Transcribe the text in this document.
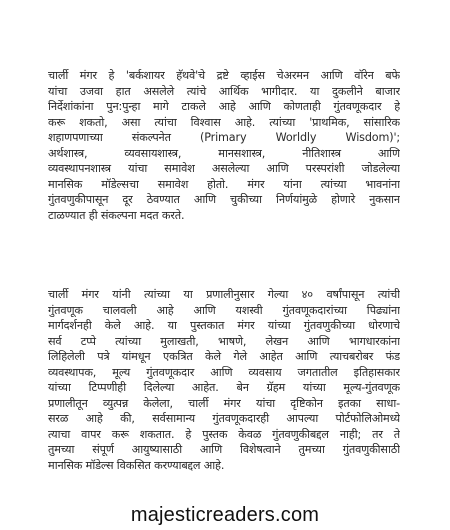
चार्ली मंगर हे 'बर्कशायर हॅथवे'चे द्रष्टे व्हाईस चेअरमन आणि वॉरेन बफे
यांचा उजवा हात असलेले त्यांचे आर्थिक भागीदार. या दुकलीने बाजार
निर्देशांकांना पुन:पुन्हा मागे टाकले आहे आणि कोणताही गुंतवणूकदार हे
करू शकतो, असा त्यांचा विश्वास आहे. त्यांच्या 'प्राथमिक, सांसारिक
शहाणपणाच्या संकल्पनेत (Primary Worldly Wisdom)';
अर्थशास्त्र, व्यवसायशास्त्र, मानसशास्त्र, नीतिशास्त्र आणि
व्यवस्थापनशास्त्र यांचा समावेश असलेल्या आणि परस्परांशी जोडलेल्या
मानसिक मॉडेल्सचा समावेश होतो. मंगर यांना त्यांच्या भावनांना
गुंतवणुकीपासून दूर ठेवण्यात आणि चुकीच्या निर्णयांमुळे होणारे नुकसान
टाळण्यात ही संकल्पना मदत करते.
चार्ली मंगर यांनी त्यांच्या या प्रणालीनुसार गेल्या ४० वर्षांपासून त्यांची
गुंतवणूक चालवली आहे आणि यशस्वी गुंतवणूकदारांच्या पिढ्यांना
मार्गदर्शनही केले आहे. या पुस्तकात मंगर यांच्या गुंतवणुकीच्या धोरणाचे
सर्व टप्पे त्यांच्या मुलाखती, भाषणे, लेखन आणि भागधारकांना
लिहिलेली पत्रे यांमधून एकत्रित केले गेले आहेत आणि त्याचबरोबर फंड
व्यवस्थापक, मूल्य गुंतवणूकदार आणि व्यवसाय जगतातील इतिहासकार
यांच्या टिप्पणीही दिलेल्या आहेत. बेन ग्रॅहम यांच्या मूल्य-गुंतवणूक
प्रणालीतून व्युत्पन्न केलेला, चार्ली मंगर यांचा दृष्टिकोन इतका साधा-
सरळ आहे की, सर्वसामान्य गुंतवणूकदारही आपल्या पोर्टफोलिओमध्ये
त्याचा वापर करू शकतात. हे पुस्तक केवळ गुंतवणुकीबद्दल नाही; तर ते
तुमच्या संपूर्ण आयुष्यासाठी आणि विशेषत्वाने तुमच्या गुंतवणुकीसाठी
मानसिक मॉडेल्स विकसित करण्याबद्दल आहे.
majesticreaders.com
